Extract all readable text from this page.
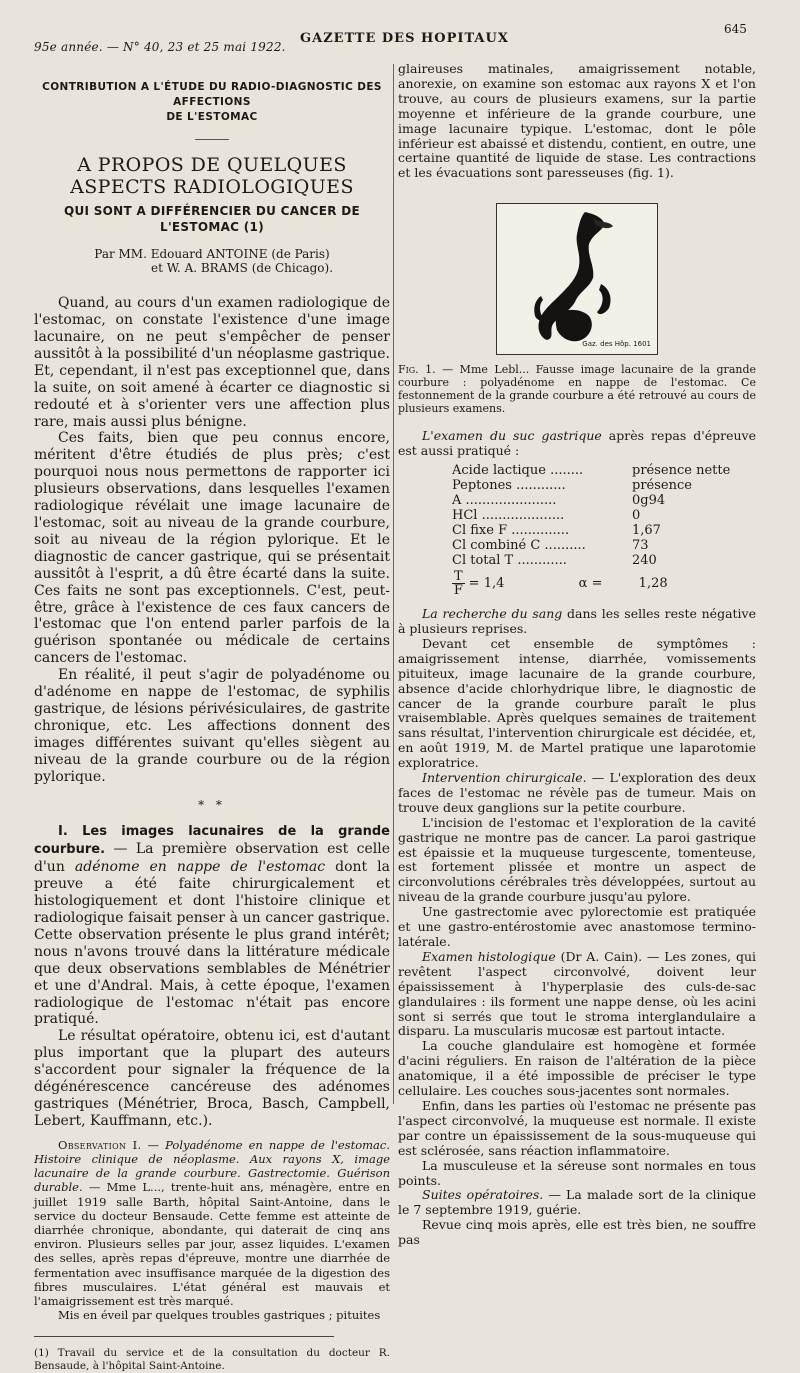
95e année. — N° 40, 23 et 25 mai 1922.
GAZETTE DES HOPITAUX
645
CONTRIBUTION A L'ÉTUDE DU RADIO-DIAGNOSTIC DES AFFECTIONS
DE L'ESTOMAC
A PROPOS DE QUELQUES ASPECTS RADIOLOGIQUES
QUI SONT A DIFFÉRENCIER DU CANCER DE L'ESTOMAC (1)
Par MM. Edouard ANTOINE (de Paris)
et W. A. BRAMS (de Chicago).

Quand, au cours d'un examen radiologique de l'estomac, on constate l'existence d'une image lacunaire, on ne peut s'empêcher de penser aussitôt à la possibilité d'un néoplasme gastrique. Et, cependant, il n'est pas exceptionnel que, dans la suite, on soit amené à écarter ce diagnostic si redouté et à s'orienter vers une affection plus rare, mais aussi plus bénigne.

Ces faits, bien que peu connus encore, méritent d'être étudiés de plus près; c'est pourquoi nous nous permettons de rapporter ici plusieurs observations, dans lesquelles l'examen radiologique révélait une image lacunaire de l'estomac, soit au niveau de la grande courbure, soit au niveau de la région pylorique. Et le diagnostic de cancer gastrique, qui se présentait aussitôt à l'esprit, a dû être écarté dans la suite. Ces faits ne sont pas exceptionnels. C'est, peut-être, grâce à l'existence de ces faux cancers de l'estomac que l'on entend parler parfois de la guérison spontanée ou médicale de certains cancers de l'estomac.

En réalité, il peut s'agir de polyadénome ou d'adénome en nappe de l'estomac, de syphilis gastrique, de lésions périvésiculaires, de gastrite chronique, etc. Les affections donnent des images différentes suivant qu'elles siègent au niveau de la grande courbure ou de la région pylorique.

* *

I. Les images lacunaires de la grande courbure. — La première observation est celle d'un adénome en nappe de l'estomac dont la preuve a été faite chirurgicalement et histologiquement et dont l'histoire clinique et radiologique faisait penser à un cancer gastrique. Cette observation présente le plus grand intérêt; nous n'avons trouvé dans la littérature médicale que deux observations semblables de Ménétrier et une d'Andral. Mais, à cette époque, l'examen radiologique de l'estomac n'était pas encore pratiqué.

Le résultat opératoire, obtenu ici, est d'autant plus important que la plupart des auteurs s'accordent pour signaler la fréquence de la dégénérescence cancéreuse des adénomes gastriques (Ménétrier, Broca, Basch, Campbell, Lebert, Kauffmann, etc.).

Observation I. — Polyadénome en nappe de l'estomac. Histoire clinique de néoplasme. Aux rayons X, image lacunaire de la grande courbure. Gastrectomie. Guérison durable. — Mme L..., trente-huit ans, ménagère, entre en juillet 1919 salle Barth, hôpital Saint-Antoine, dans le service du docteur Bensaude. Cette femme est atteinte de diarrhée chronique, abondante, qui daterait de cinq ans environ. Plusieurs selles par jour, assez liquides. L'examen des selles, après repas d'épreuve, montre une diarrhée de fermentation avec insuffisance marquée de la digestion des fibres musculaires. L'état général est mauvais et l'amaigrissement est très marqué.

Mis en éveil par quelques troubles gastriques ; pituites

(1) Travail du service et de la consultation du docteur R. Bensaude, à l'hôpital Saint-Antoine.

glaireuses matinales, amaigrissement notable, anorexie, on examine son estomac aux rayons X et l'on trouve, au cours de plusieurs examens, sur la partie moyenne et inférieure de la grande courbure, une image lacunaire typique. L'estomac, dont le pôle inférieur est abaissé et distendu, contient, en outre, une certaine quantité de liquide de stase. Les contractions et les évacuations sont paresseuses (fig. 1).

Gaz. des Hôp. 1601
Fig. 1. — Mme Lebl... Fausse image lacunaire de la grande courbure : polyadénome en nappe de l'estomac. Ce festonnement de la grande courbure a été retrouvé au cours de plusieurs examens.

L'examen du suc gastrique après repas d'épreuve est aussi pratiqué :

Acide lactique ........	présence nette
Peptones ............	présence
A ......................	0g94
HCl ....................	0
Cl fixe F ..............	1,67
Cl combiné C ..........	73
Cl total T ............	240
$\frac{T}{F} = 1,4$	α =	1,28

La recherche du sang dans les selles reste négative à plusieurs reprises.

Devant cet ensemble de symptômes : amaigrissement intense, diarrhée, vomissements pituiteux, image lacunaire de la grande courbure, absence d'acide chlorhydrique libre, le diagnostic de cancer de la grande courbure paraît le plus vraisemblable. Après quelques semaines de traitement sans résultat, l'intervention chirurgicale est décidée, et, en août 1919, M. de Martel pratique une laparotomie exploratrice.

Intervention chirurgicale. — L'exploration des deux faces de l'estomac ne révèle pas de tumeur. Mais on trouve deux ganglions sur la petite courbure.

L'incision de l'estomac et l'exploration de la cavité gastrique ne montre pas de cancer. La paroi gastrique est épaissie et la muqueuse turgescente, tomenteuse, est fortement plissée et montre un aspect de circonvolutions cérébrales très développées, surtout au niveau de la grande courbure jusqu'au pylore.

Une gastrectomie avec pylorectomie est pratiquée et une gastro-entérostomie avec anastomose termino-latérale.

Examen histologique (Dr A. Cain). — Les zones, qui revêtent l'aspect circonvolvé, doivent leur épaississement à l'hyperplasie des culs-de-sac glandulaires : ils forment une nappe dense, où les acini sont si serrés que tout le stroma interglandulaire a disparu. La muscularis mucosæ est partout intacte.

La couche glandulaire est homogène et formée d'acini réguliers. En raison de l'altération de la pièce anatomique, il a été impossible de préciser le type cellulaire. Les couches sous-jacentes sont normales.

Enfin, dans les parties où l'estomac ne présente pas l'aspect circonvolvé, la muqueuse est normale. Il existe par contre un épaississement de la sous-muqueuse qui est sclérosée, sans réaction inflammatoire.

La musculeuse et la séreuse sont normales en tous points.

Suites opératoires. — La malade sort de la clinique le 7 septembre 1919, guérie.

Revue cinq mois après, elle est très bien, ne souffre pas
